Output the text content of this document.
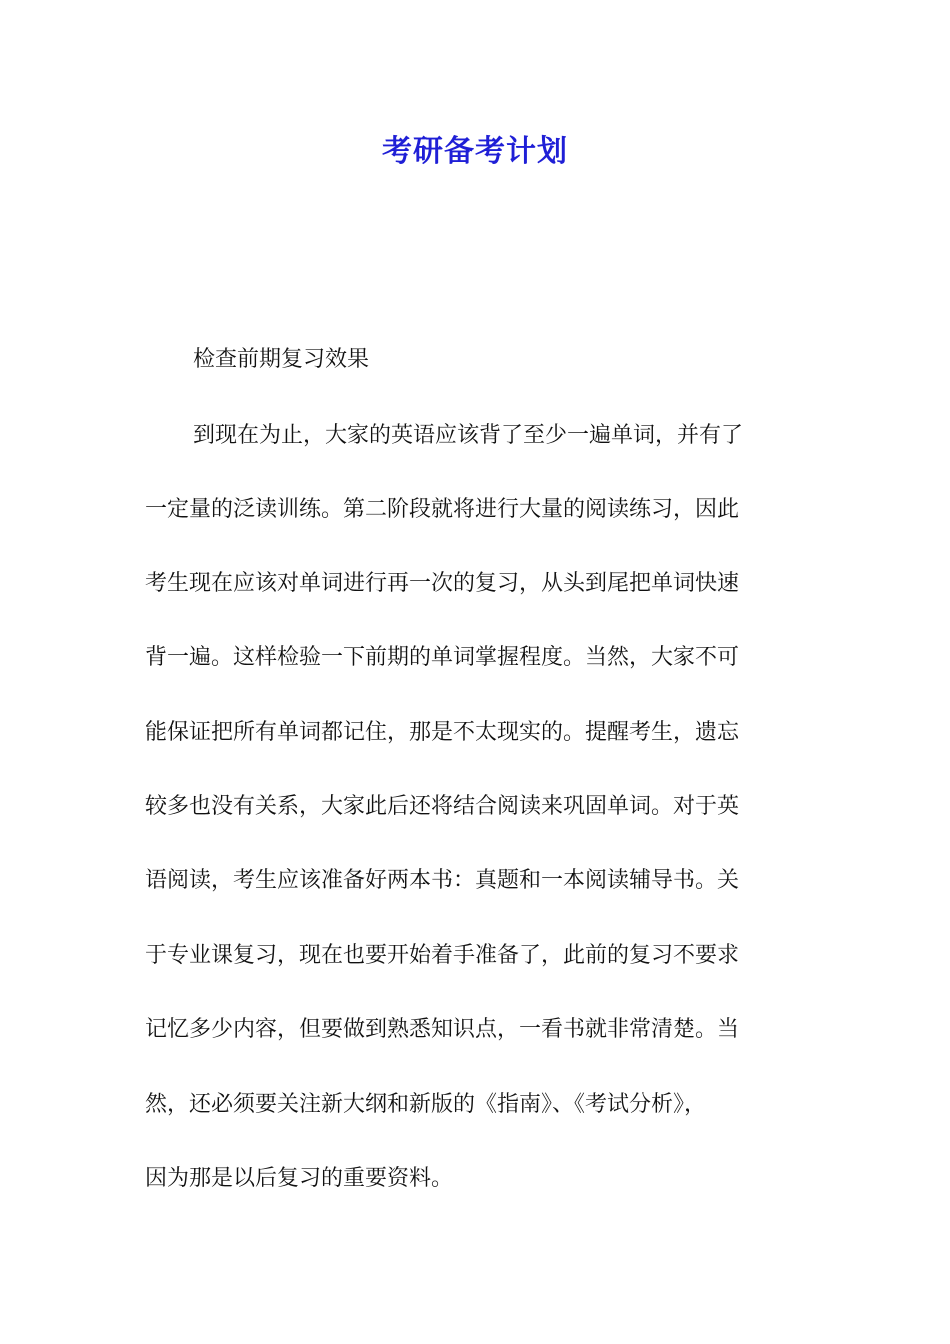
考研备考计划
检查前期复习效果
到现在为止，大家的英语应该背了至少一遍单词，并有了
一定量的泛读训练。第二阶段就将进行大量的阅读练习，因此
考生现在应该对单词进行再一次的复习，从头到尾把单词快速
背一遍。这样检验一下前期的单词掌握程度。当然，大家不可
能保证把所有单词都记住，那是不太现实的。提醒考生，遗忘
较多也没有关系，大家此后还将结合阅读来巩固单词。对于英
语阅读，考生应该准备好两本书：真题和一本阅读辅导书。关
于专业课复习，现在也要开始着手准备了，此前的复习不要求
记忆多少内容，但要做到熟悉知识点，一看书就非常清楚。当
然，还必须要关注新大纲和新版的《指南》、《考试分析》，
因为那是以后复习的重要资料。
